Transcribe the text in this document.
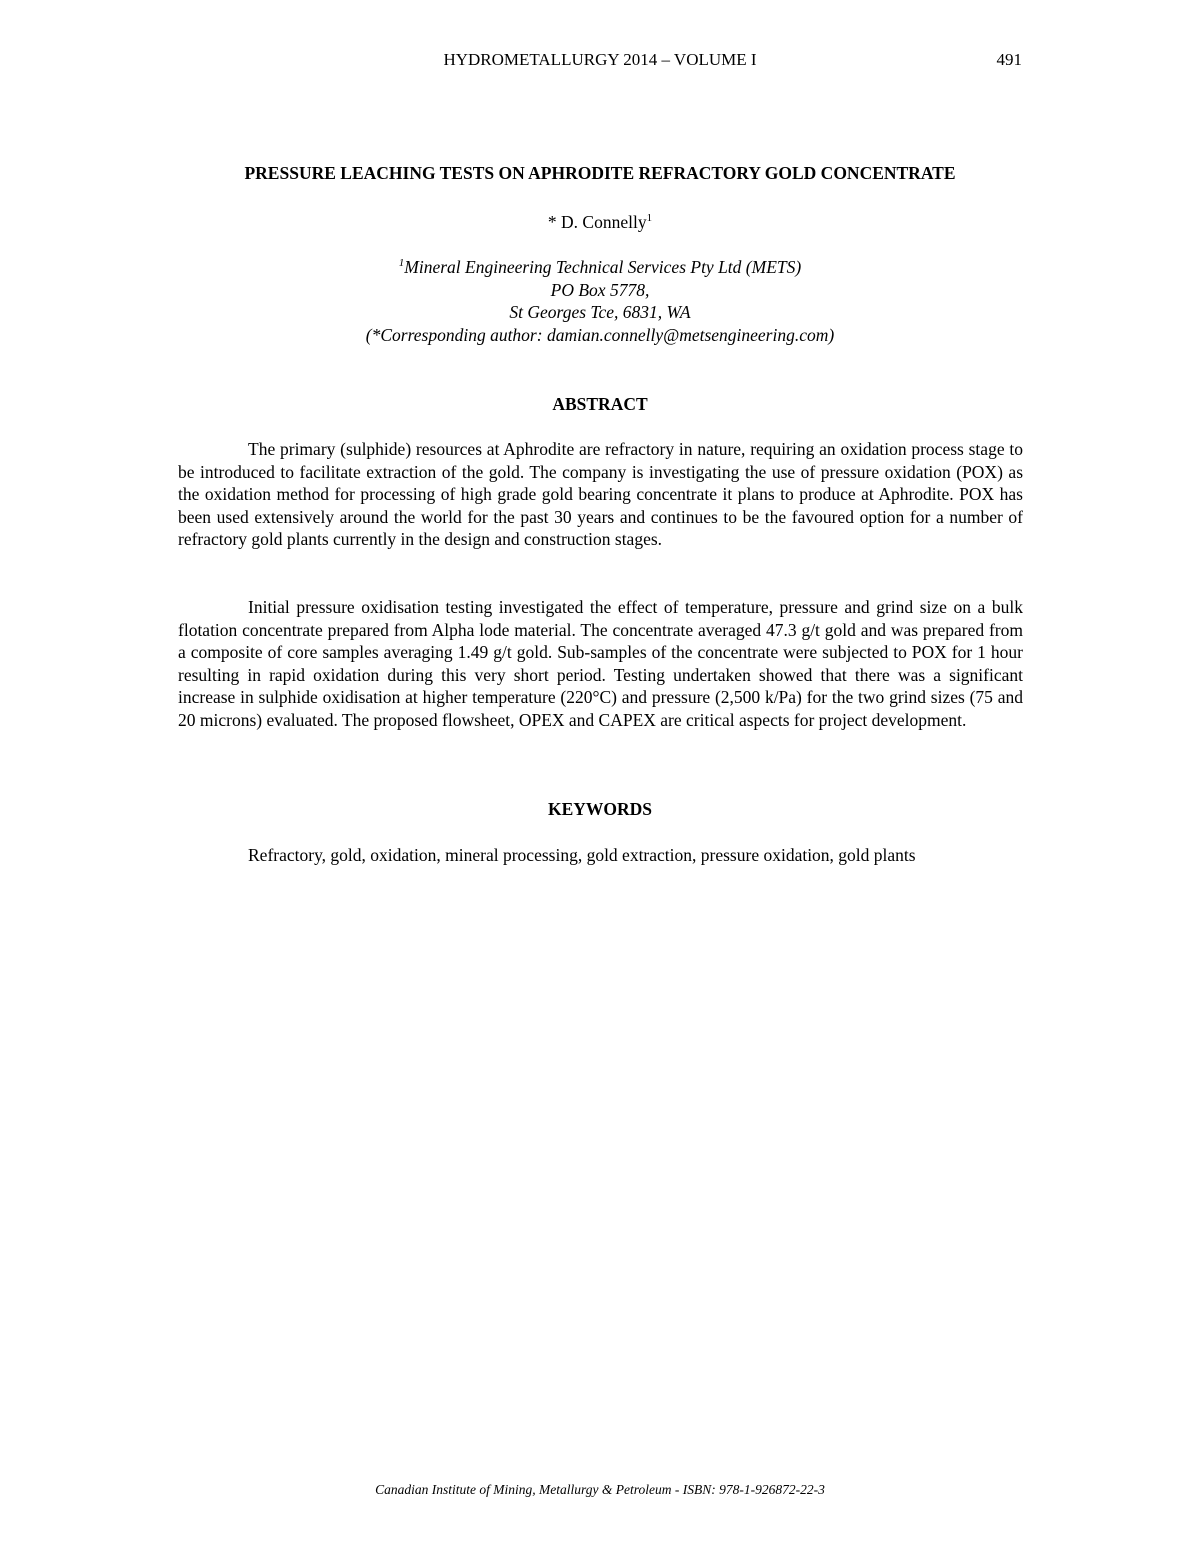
HYDROMETALLURGY 2014 – VOLUME I	491
PRESSURE LEACHING TESTS ON APHRODITE REFRACTORY GOLD CONCENTRATE
* D. Connelly$^1$
$^1$Mineral Engineering Technical Services Pty Ltd (METS)
PO Box 5778,
St Georges Tce, 6831, WA
(*Corresponding author: damian.connelly@metsengineering.com)
ABSTRACT

The primary (sulphide) resources at Aphrodite are refractory in nature, requiring an oxidation process stage to be introduced to facilitate extraction of the gold. The company is investigating the use of pressure oxidation (POX) as the oxidation method for processing of high grade gold bearing concentrate it plans to produce at Aphrodite. POX has been used extensively around the world for the past 30 years and continues to be the favoured option for a number of refractory gold plants currently in the design and construction stages.

Initial pressure oxidisation testing investigated the effect of temperature, pressure and grind size on a bulk flotation concentrate prepared from Alpha lode material. The concentrate averaged 47.3 g/t gold and was prepared from a composite of core samples averaging 1.49 g/t gold. Sub-samples of the concentrate were subjected to POX for 1 hour resulting in rapid oxidation during this very short period. Testing undertaken showed that there was a significant increase in sulphide oxidisation at higher temperature (220°C) and pressure (2,500 k/Pa) for the two grind sizes (75 and 20 microns) evaluated. The proposed flowsheet, OPEX and CAPEX are critical aspects for project development.

KEYWORDS
Refractory, gold, oxidation, mineral processing, gold extraction, pressure oxidation, gold plants
Canadian Institute of Mining, Metallurgy & Petroleum - ISBN: 978-1-926872-22-3
